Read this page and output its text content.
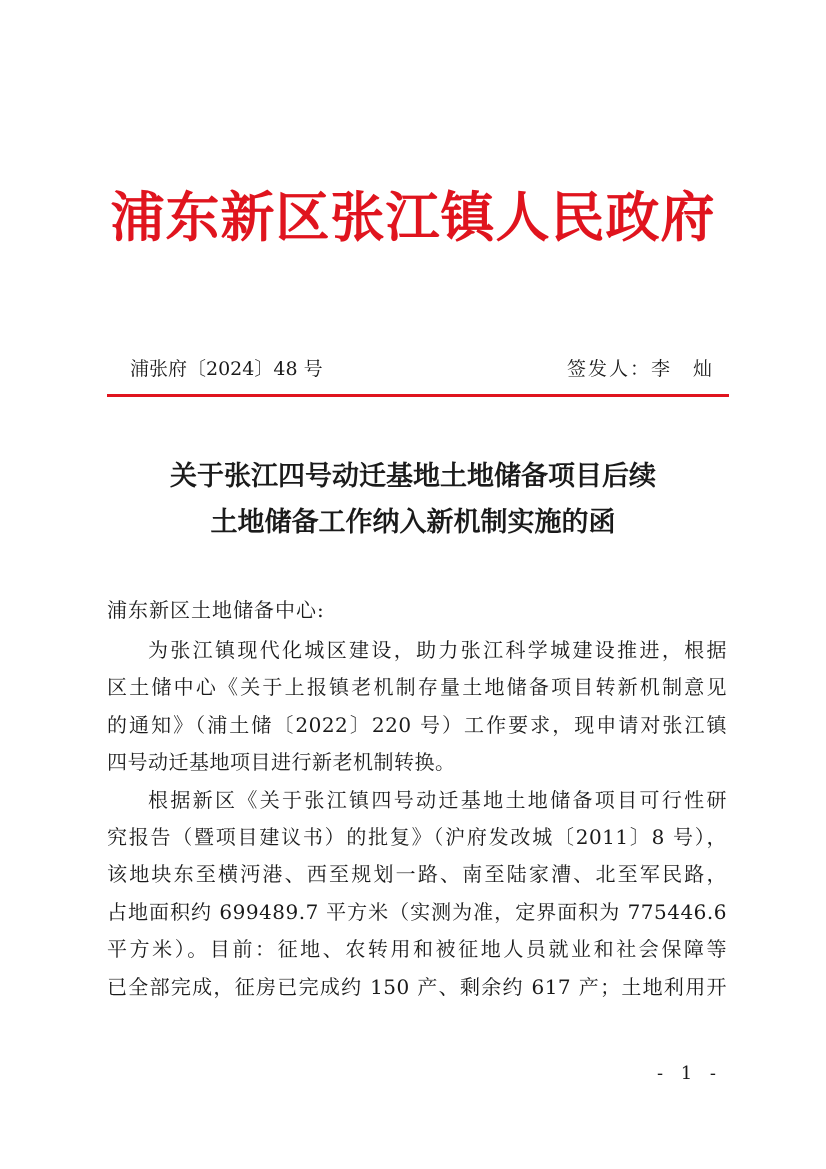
浦东新区张江镇人民政府
浦张府〔2024〕48 号	签发人：李　灿
关于张江四号动迁基地土地储备项目后续
土地储备工作纳入新机制实施的函
浦东新区土地储备中心:
为张江镇现代化城区建设，助力张江科学城建设推进，根据
区土储中心《关于上报镇老机制存量土地储备项目转新机制意见
的通知》（浦土储〔2022〕220 号）工作要求，现申请对张江镇
四号动迁基地项目进行新老机制转换。
根据新区《关于张江镇四号动迁基地土地储备项目可行性研
究报告（暨项目建议书）的批复》（沪府发改城〔2011〕8 号），
该地块东至横沔港、西至规划一路、南至陆家漕、北至军民路，
占地面积约 699489.7 平方米（实测为准，定界面积为 775446.6
平方米）。目前：征地、农转用和被征地人员就业和社会保障等
已全部完成，征房已完成约 150 产、剩余约 617 产；土地利用开
- 1 -
